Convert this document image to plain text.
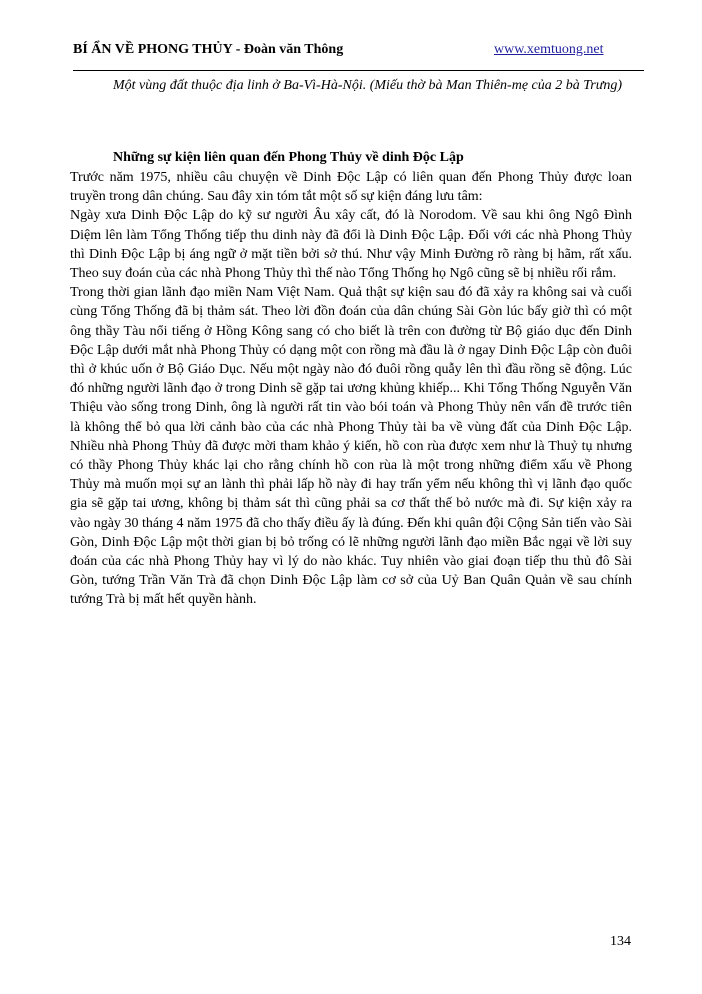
BÍ ẨN VỀ PHONG THỦY - Đoàn văn Thông	www.xemtuong.net

Một vùng đất thuộc địa linh ở Ba-Vì-Hà-Nội. (Miếu thờ bà Man Thiên-mẹ của 2 bà Trưng)

Những sự kiện liên quan đến Phong Thủy về dinh Độc Lập

Trước năm 1975, nhiều câu chuyện về Dinh Độc Lập có liên quan đến Phong Thủy được loan truyền trong dân chúng. Sau đây xin tóm tắt một số sự kiện đáng lưu tâm:

Ngày xưa Dinh Độc Lập do kỹ sư người Âu xây cất, đó là Norodom. Về sau khi ông Ngô Đình Diệm lên làm Tổng Thống tiếp thu dinh này đã đổi là Dinh Độc Lập. Đối với các nhà Phong Thủy thì Dinh Độc Lập bị áng ngữ ở mặt tiền bởi sở thú. Như vậy Minh Đường rõ ràng bị hãm, rất xấu. Theo suy đoán của các nhà Phong Thủy thì thế nào Tổng Thống họ Ngô cũng sẽ bị nhiều rối rắm.

Trong thời gian lãnh đạo miền Nam Việt Nam. Quả thật sự kiện sau đó đã xảy ra không sai và cuối cùng Tổng Thống đã bị thảm sát. Theo lời đồn đoán của dân chúng Sài Gòn lúc bấy giờ thì có một ông thầy Tàu nổi tiếng ở Hồng Kông sang có cho biết là trên con đường từ Bộ giáo dục đến Dinh Độc Lập dưới mắt nhà Phong Thủy có dạng một con rồng mà đầu là ở ngay Dinh Độc Lập còn đuôi thì ở khúc uốn ở Bộ Giáo Dục. Nếu một ngày nào đó đuôi rồng quẫy lên thì đầu rồng sẽ động. Lúc đó những người lãnh đạo ở trong Dinh sẽ gặp tai ương khủng khiếp... Khi Tổng Thống Nguyễn Văn Thiệu vào sống trong Dinh, ông là người rất tin vào bói toán và Phong Thủy nên vấn đề trước tiên là không thể bỏ qua lời cảnh bào của các nhà Phong Thủy tài ba về vùng đất của Dinh Độc Lập. Nhiều nhà Phong Thủy đã được mời tham khảo ý kiến, hồ con rùa được xem như là Thuỷ tụ nhưng có thầy Phong Thủy khác lại cho rằng chính hồ con rùa là một trong những điểm xấu về Phong Thủy mà muốn mọi sự an lành thì phải lấp hồ này đi hay trấn yểm nếu không thì vị lãnh đạo quốc gia sẽ gặp tai ương, không bị thảm sát thì cũng phải sa cơ thất thế bỏ nước mà đi. Sự kiện xảy ra vào ngày 30 tháng 4 năm 1975 đã cho thấy điều ấy là đúng. Đến khi quân đội Cộng Sản tiến vào Sài Gòn, Dinh Độc Lập một thời gian bị bỏ trống có lẽ những người lãnh đạo miền Bắc ngại về lời suy đoán của các nhà Phong Thủy hay vì lý do nào khác. Tuy nhiên vào giai đoạn tiếp thu thủ đô Sài Gòn, tướng Trần Văn Trà đã chọn Dinh Độc Lập làm cơ sở của Uỷ Ban Quân Quản về sau chính tướng Trà bị mất hết quyền hành.

134
